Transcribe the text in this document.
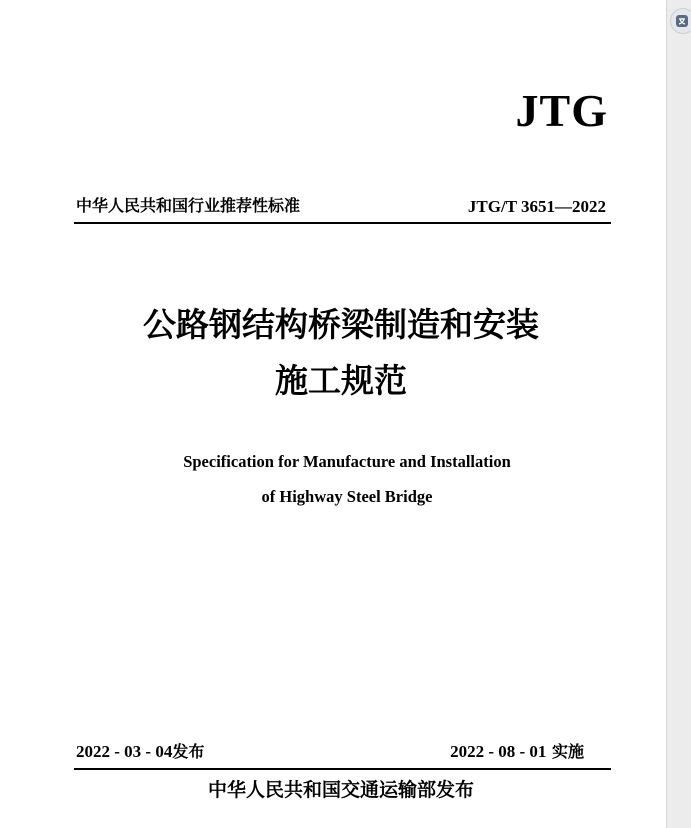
JTG
中华人民共和国行业推荐性标准	JTG/T 3651—2022
公路钢结构桥梁制造和安装
施工规范
Specification for Manufacture and Installation
of Highway Steel Bridge
2022 - 03 - 04发布	2022 - 08 - 01 实施
中华人民共和国交通运输部发布
